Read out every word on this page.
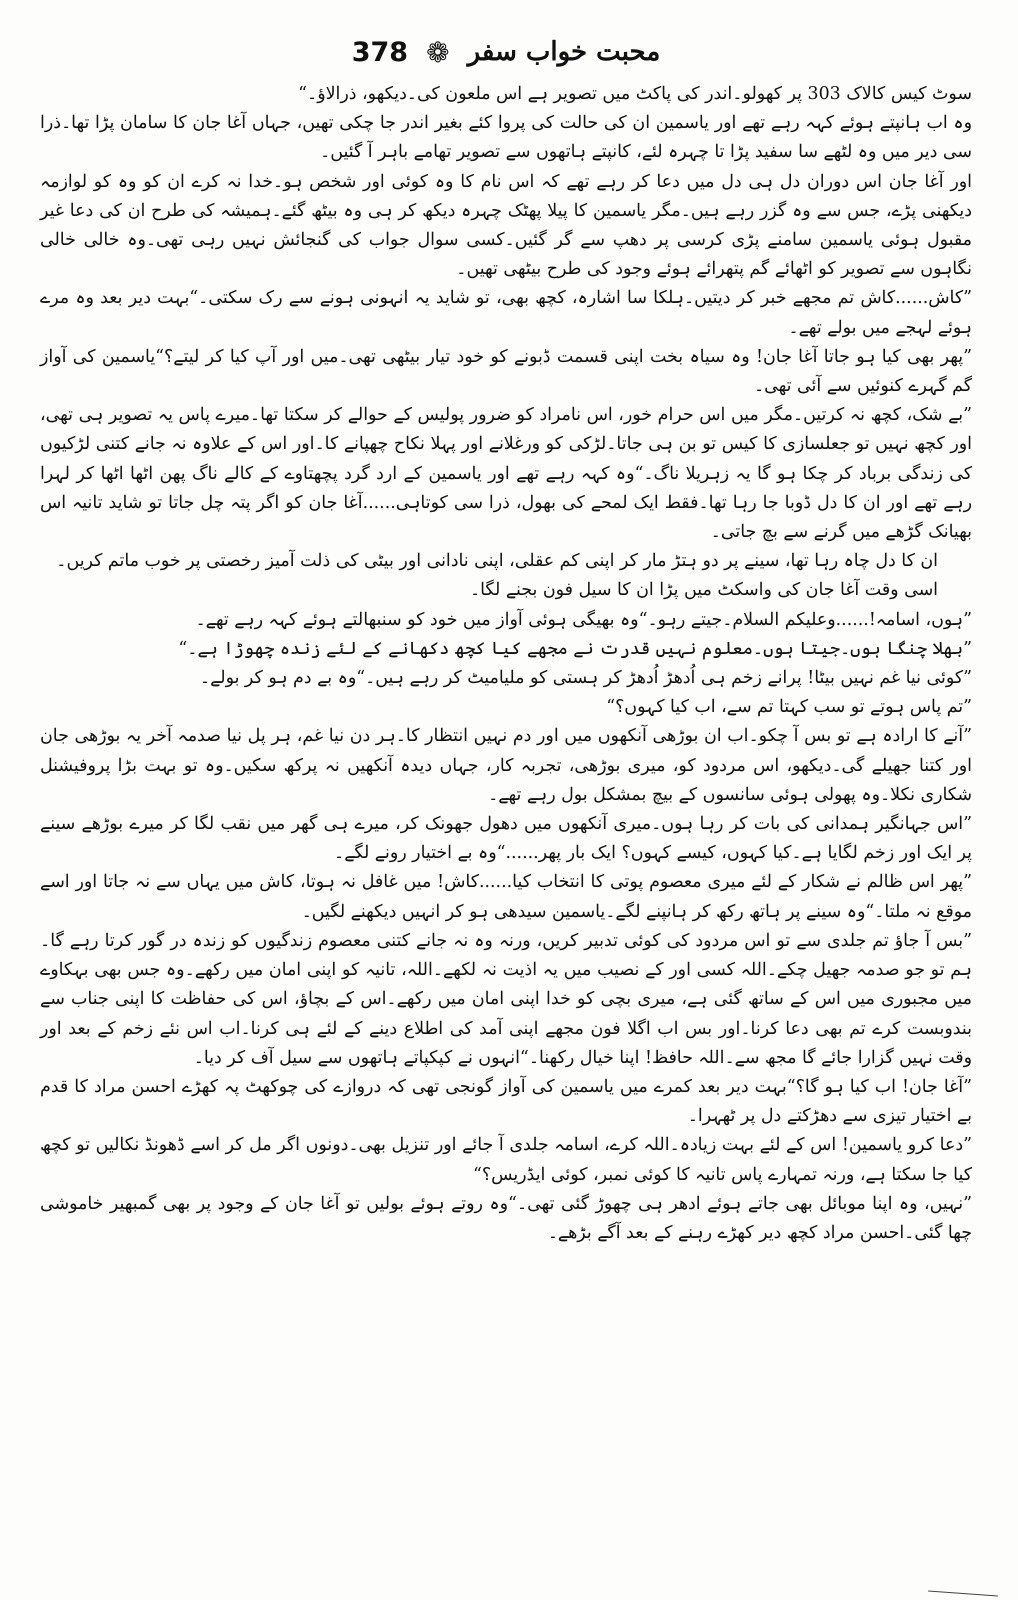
378 ❁ محبت خواب سفر

سوٹ کیس کالاک 303 پر کھولو۔اندر کی پاکٹ میں تصویر ہے اس ملعون کی۔دیکھو، ذرالاؤ۔“

وہ اب ہانپتے ہوئے کہہ رہے تھے اور یاسمین ان کی حالت کی پروا کئے بغیر اندر جا چکی تھیں، جہاں آغا جان کا سامان پڑا تھا۔ذرا سی دیر میں وہ لٹھے سا سفید پڑا تا چہرہ لئے، کانپتے ہاتھوں سے تصویر تھامے باہر آ گئیں۔

اور آغا جان اس دوران دل ہی دل میں دعا کر رہے تھے کہ اس نام کا وہ کوئی اور شخص ہو۔خدا نہ کرے ان کو وہ کو لوازمہ دیکھنی پڑے، جس سے وہ گزر رہے ہیں۔مگر یاسمین کا پیلا پھٹک چہرہ دیکھ کر ہی وہ بیٹھ گئے۔ہمیشہ کی طرح ان کی دعا غیر مقبول ہوئی یاسمین سامنے پڑی کرسی پر دھپ سے گر گئیں۔کسی سوال جواب کی گنجائش نہیں رہی تھی۔وہ خالی خالی نگاہوں سے تصویر کو اٹھائے گم پتھرائے ہوئے وجود کی طرح بیٹھی تھیں۔

”کاش......کاش تم مجھے خبر کر دیتیں۔ہلکا سا اشارہ، کچھ بھی، تو شاید یہ انہونی ہونے سے رک سکتی۔“بہت دیر بعد وہ مرے ہوئے لہجے میں بولے تھے۔

”پھر بھی کیا ہو جاتا آغا جان! وہ سیاہ بخت اپنی قسمت ڈبونے کو خود تیار بیٹھی تھی۔میں اور آپ کیا کر لیتے؟“یاسمین کی آواز گم گہرے کنوئیں سے آئی تھی۔

”بے شک، کچھ نہ کرتیں۔مگر میں اس حرام خور، اس نامراد کو ضرور پولیس کے حوالے کر سکتا تھا۔میرے پاس یہ تصویر ہی تھی، اور کچھ نہیں تو جعلسازی کا کیس تو بن ہی جاتا۔لڑکی کو ورغلانے اور پہلا نکاح چھپانے کا۔اور اس کے علاوہ نہ جانے کتنی لڑکیوں کی زندگی برباد کر چکا ہو گا یہ زہریلا ناگ۔“وہ کہہ رہے تھے اور یاسمین کے ارد گرد پچھتاوے کے کالے ناگ پھن اٹھا اٹھا کر لہرا رہے تھے اور ان کا دل ڈوبا جا رہا تھا۔فقط ایک لمحے کی بھول، ذرا سی کوتاہی......آغا جان کو اگر پتہ چل جاتا تو شاید تانیہ اس بھیانک گڑھے میں گرنے سے بچ جاتی۔

ان کا دل چاہ رہا تھا، سینے پر دو ہتڑ مار کر اپنی کم عقلی، اپنی نادانی اور بیٹی کی ذلت آمیز رخصتی پر خوب ماتم کریں۔

اسی وقت آغا جان کی واسکٹ میں پڑا ان کا سیل فون بجنے لگا۔

”ہوں، اسامہ!......وعلیکم السلام۔جیتے رہو۔“وہ بھیگی ہوئی آواز میں خود کو سنبھالتے ہوئے کہہ رہے تھے۔

”بھلا چنگا ہوں۔جیتا ہوں۔معلوم نہیں قدرت نے مجھے کیا کچھ دکھانے کے لئے زندہ چھوڑا ہے۔“

”کوئی نیا غم نہیں بیٹا! پرانے زخم ہی اُدھڑ اُدھڑ کر ہستی کو ملیامیٹ کر رہے ہیں۔“وہ بے دم ہو کر بولے۔

”تم پاس ہوتے تو سب کہتا تم سے، اب کیا کہوں؟“

”آنے کا ارادہ ہے تو بس آ چکو۔اب ان بوڑھی آنکھوں میں اور دم نہیں انتظار کا۔ہر دن نیا غم، ہر پل نیا صدمہ آخر یہ بوڑھی جان اور کتنا جھیلے گی۔دیکھو، اس مردود کو، میری بوڑھی، تجربہ کار، جہاں دیدہ آنکھیں نہ پرکھ سکیں۔وہ تو بہت بڑا پروفیشنل شکاری نکلا۔وہ پھولی ہوئی سانسوں کے بیچ بمشکل بول رہے تھے۔

”اس جہانگیر ہمدانی کی بات کر رہا ہوں۔میری آنکھوں میں دھول جھونک کر، میرے ہی گھر میں نقب لگا کر میرے بوڑھے سینے پر ایک اور زخم لگایا ہے۔کیا کہوں، کیسے کہوں؟ ایک بار پھر......“وہ بے اختیار رونے لگے۔

”پھر اس ظالم نے شکار کے لئے میری معصوم پوتی کا انتخاب کیا......کاش! میں غافل نہ ہوتا، کاش میں یہاں سے نہ جاتا اور اسے موقع نہ ملتا۔“وہ سینے پر ہاتھ رکھ کر ہانپنے لگے۔یاسمین سیدھی ہو کر انہیں دیکھنے لگیں۔

”بس آ جاؤ تم جلدی سے تو اس مردود کی کوئی تدبیر کریں، ورنہ وہ نہ جانے کتنی معصوم زندگیوں کو زندہ در گور کرتا رہے گا۔ہم تو جو صدمہ جھیل چکے۔اللہ کسی اور کے نصیب میں یہ اذیت نہ لکھے۔اللہ، تانیہ کو اپنی امان میں رکھے۔وہ جس بھی بہکاوے میں مجبوری میں اس کے ساتھ گئی ہے، میری بچی کو خدا اپنی امان میں رکھے۔اس کے بچاؤ، اس کی حفاظت کا اپنی جناب سے بندوبست کرے تم بھی دعا کرنا۔اور بس اب اگلا فون مجھے اپنی آمد کی اطلاع دینے کے لئے ہی کرنا۔اب اس نئے زخم کے بعد اور وقت نہیں گزارا جائے گا مجھ سے۔اللہ حافظ! اپنا خیال رکھنا۔“انہوں نے کپکپاتے ہاتھوں سے سیل آف کر دیا۔

”آغا جان! اب کیا ہو گا؟“بہت دیر بعد کمرے میں یاسمین کی آواز گونجی تھی کہ دروازے کی چوکھٹ پہ کھڑے احسن مراد کا قدم بے اختیار تیزی سے دھڑکتے دل پر ٹھہرا۔

”دعا کرو یاسمین! اس کے لئے بہت زیادہ۔اللہ کرے، اسامہ جلدی آ جائے اور تنزیل بھی۔دونوں اگر مل کر اسے ڈھونڈ نکالیں تو کچھ کیا جا سکتا ہے، ورنہ تمہارے پاس تانیہ کا کوئی نمبر، کوئی ایڈریس؟“

”نہیں، وہ اپنا موبائل بھی جاتے ہوئے ادھر ہی چھوڑ گئی تھی۔“وہ روتے ہوئے بولیں تو آغا جان کے وجود پر بھی گمبھیر خاموشی چھا گئی۔احسن مراد کچھ دیر کھڑے رہنے کے بعد آگے بڑھے۔
